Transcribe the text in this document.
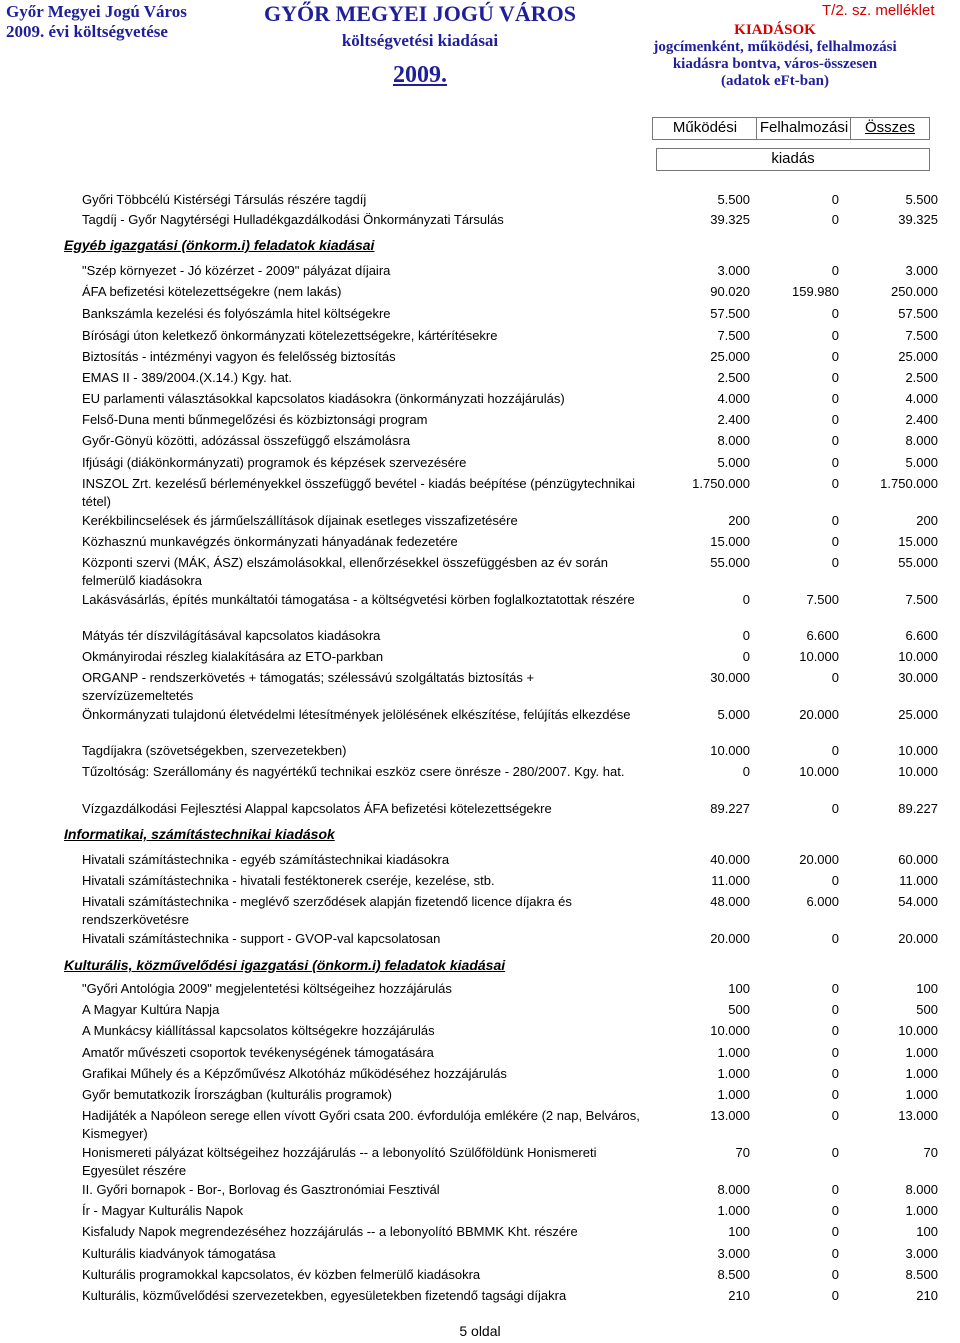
Győr Megyei Jogú Város
2009. évi költségvetése
GYŐR MEGYEI JOGÚ VÁROS
költségvetési kiadásai
2009.
T/2. sz. melléklet
KIADÁSOK
jogcímenként, működési, felhalmozási
kiadásra bontva, város-összesen
(adatok eFt-ban)
Működési	Felhalmozási	Összes
kiadás
Győri Többcélú Kistérségi Társulás részére tagdíj	5.500	0	5.500
Tagdíj - Győr Nagytérségi Hulladékgazdálkodási Önkormányzati Társulás	39.325	0	39.325
Egyéb igazgatási (önkorm.i) feladatok kiadásai
"Szép környezet - Jó közérzet - 2009" pályázat díjaira	3.000	0	3.000
ÁFA befizetési kötelezettségekre (nem lakás)	90.020	159.980	250.000
Bankszámla kezelési és folyószámla hitel költségekre	57.500	0	57.500
Bírósági úton keletkező önkormányzati kötelezettségekre, kártérítésekre	7.500	0	7.500
Biztosítás - intézményi vagyon és felelősség biztosítás	25.000	0	25.000
EMAS II - 389/2004.(X.14.) Kgy. hat.	2.500	0	2.500
EU parlamenti választásokkal kapcsolatos kiadásokra (önkormányzati hozzájárulás)	4.000	0	4.000
Felső-Duna menti bűnmegelőzési és közbiztonsági program	2.400	0	2.400
Győr-Gönyü közötti, adózással összefüggő elszámolásra	8.000	0	8.000
Ifjúsági (diákönkormányzati) programok és képzések szervezésére	5.000	0	5.000
INSZOL Zrt. kezelésű bérleményekkel összefüggő bevétel - kiadás beépítése (pénzügytechnikai tétel)
1.750.000	0	1.750.000
Kerékbilincselések és járműelszállítások díjainak esetleges visszafizetésére	200	0	200
Közhasznú munkavégzés önkormányzati hányadának fedezetére	15.000	0	15.000
Központi szervi (MÁK, ÁSZ) elszámolásokkal, ellenőrzésekkel összefüggésben az év során felmerülő kiadásokra
55.000	0	55.000
Lakásvásárlás, építés munkáltatói támogatása - a költségvetési körben foglalkoztatottak részére	0	7.500	7.500
Mátyás tér díszvilágításával kapcsolatos kiadásokra	0	6.600	6.600
Okmányirodai részleg kialakítására az ETO-parkban	0	10.000	10.000
ORGANP - rendszerkövetés + támogatás; szélessávú szolgáltatás biztosítás + szervízüzemeltetés
30.000	0	30.000
Önkormányzati tulajdonú életvédelmi létesítmények jelölésének elkészítése, felújítás elkezdése	5.000	20.000	25.000
Tagdíjakra (szövetségekben, szervezetekben)	10.000	0	10.000
Tűzoltóság: Szerállomány és nagyértékű technikai eszköz csere önrésze - 280/2007. Kgy. hat.	0	10.000	10.000
Vízgazdálkodási Fejlesztési Alappal kapcsolatos ÁFA befizetési kötelezettségekre	89.227	0	89.227
Informatikai, számítástechnikai kiadások
Hivatali számítástechnika - egyéb számítástechnikai kiadásokra	40.000	20.000	60.000
Hivatali számítástechnika - hivatali festéktonerek cseréje, kezelése, stb.	11.000	0	11.000
Hivatali számítástechnika - meglévő szerződések alapján fizetendő licence díjakra és rendszerkövetésre
48.000	6.000	54.000
Hivatali számítástechnika - support - GVOP-val kapcsolatosan	20.000	0	20.000
Kulturális, közművelődési igazgatási (önkorm.i) feladatok kiadásai
"Győri Antológia 2009" megjelentetési költségeihez hozzájárulás	100	0	100
A Magyar Kultúra Napja	500	0	500
A Munkácsy kiállítással kapcsolatos költségekre hozzájárulás	10.000	0	10.000
Amatőr művészeti csoportok tevékenységének támogatására	1.000	0	1.000
Grafikai Műhely és a Képzőművész Alkotóház működéséhez hozzájárulás	1.000	0	1.000
Győr bemutatkozik Írországban (kulturális programok)	1.000	0	1.000
Hadijáték a Napóleon serege ellen vívott Győri csata 200. évfordulója emlékére (2 nap, Belváros, Kismegyer)
13.000	0	13.000
Honismereti pályázat költségeihez hozzájárulás -- a lebonyolító Szülőföldünk Honismereti Egyesület részére
70	0	70
II. Győri bornapok - Bor-, Borlovag és Gasztronómiai Fesztivál	8.000	0	8.000
Ír - Magyar Kulturális Napok	1.000	0	1.000
Kisfaludy Napok megrendezéséhez hozzájárulás -- a lebonyolító BBMMK Kht. részére	100	0	100
Kulturális kiadványok támogatása	3.000	0	3.000
Kulturális programokkal kapcsolatos, év közben felmerülő kiadásokra	8.500	0	8.500
Kulturális, közművelődési szervezetekben, egyesületekben fizetendő tagsági díjakra	210	0	210
5 oldal
